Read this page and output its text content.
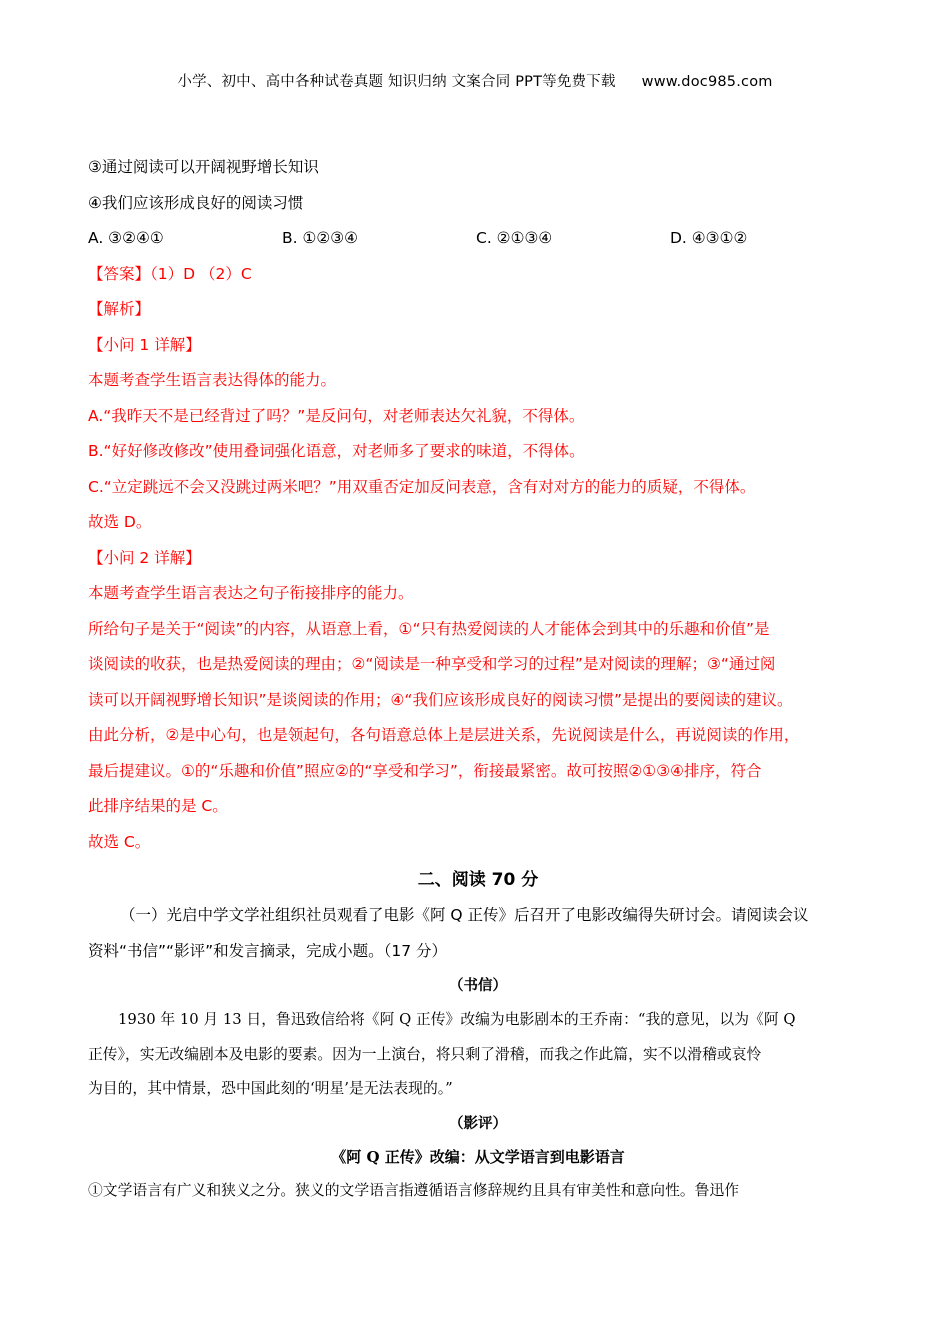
小学、初中、高中各种试卷真题 知识归纳 文案合同 PPT等免费下载 www.doc985.com
③通过阅读可以开阔视野增长知识
④我们应该形成良好的阅读习惯
A. ③②④①	B. ①②③④	C. ②①③④	D. ④③①②
【答案】（1）D （2）C
【解析】
【小问 1 详解】
本题考查学生语言表达得体的能力。
A.“我昨天不是已经背过了吗？”是反问句，对老师表达欠礼貌，不得体。
B.“好好修改修改”使用叠词强化语意，对老师多了要求的味道，不得体。
C.“立定跳远不会又没跳过两米吧？”用双重否定加反问表意，含有对对方的能力的质疑，不得体。
故选 D。
【小问 2 详解】
本题考查学生语言表达之句子衔接排序的能力。
所给句子是关于“阅读”的内容，从语意上看，①“只有热爱阅读的人才能体会到其中的乐趣和价值”是
谈阅读的收获，也是热爱阅读的理由；②“阅读是一种享受和学习的过程”是对阅读的理解；③“通过阅
读可以开阔视野增长知识”是谈阅读的作用；④“我们应该形成良好的阅读习惯”是提出的要阅读的建议。
由此分析，②是中心句，也是领起句，各句语意总体上是层进关系，先说阅读是什么，再说阅读的作用，
最后提建议。①的“乐趣和价值”照应②的“享受和学习”，衔接最紧密。故可按照②①③④排序，符合
此排序结果的是 C。
故选 C。
二、阅读 70 分
（一）光启中学文学社组织社员观看了电影《阿 Q 正传》后召开了电影改编得失研讨会。请阅读会议
资料“书信”“影评”和发言摘录，完成小题。（17 分）
（书信）
1930 年 10 月 13 日，鲁迅致信给将《阿 Q 正传》改编为电影剧本的王乔南：“我的意见，以为《阿 Q
正传》，实无改编剧本及电影的要素。因为一上演台，将只剩了滑稽，而我之作此篇，实不以滑稽或哀怜
为目的，其中情景，恐中国此刻的‘明星’是无法表现的。”
（影评）
《阿 Q 正传》改编：从文学语言到电影语言
①文学语言有广义和狭义之分。狭义的文学语言指遵循语言修辞规约且具有审美性和意向性。鲁迅作
